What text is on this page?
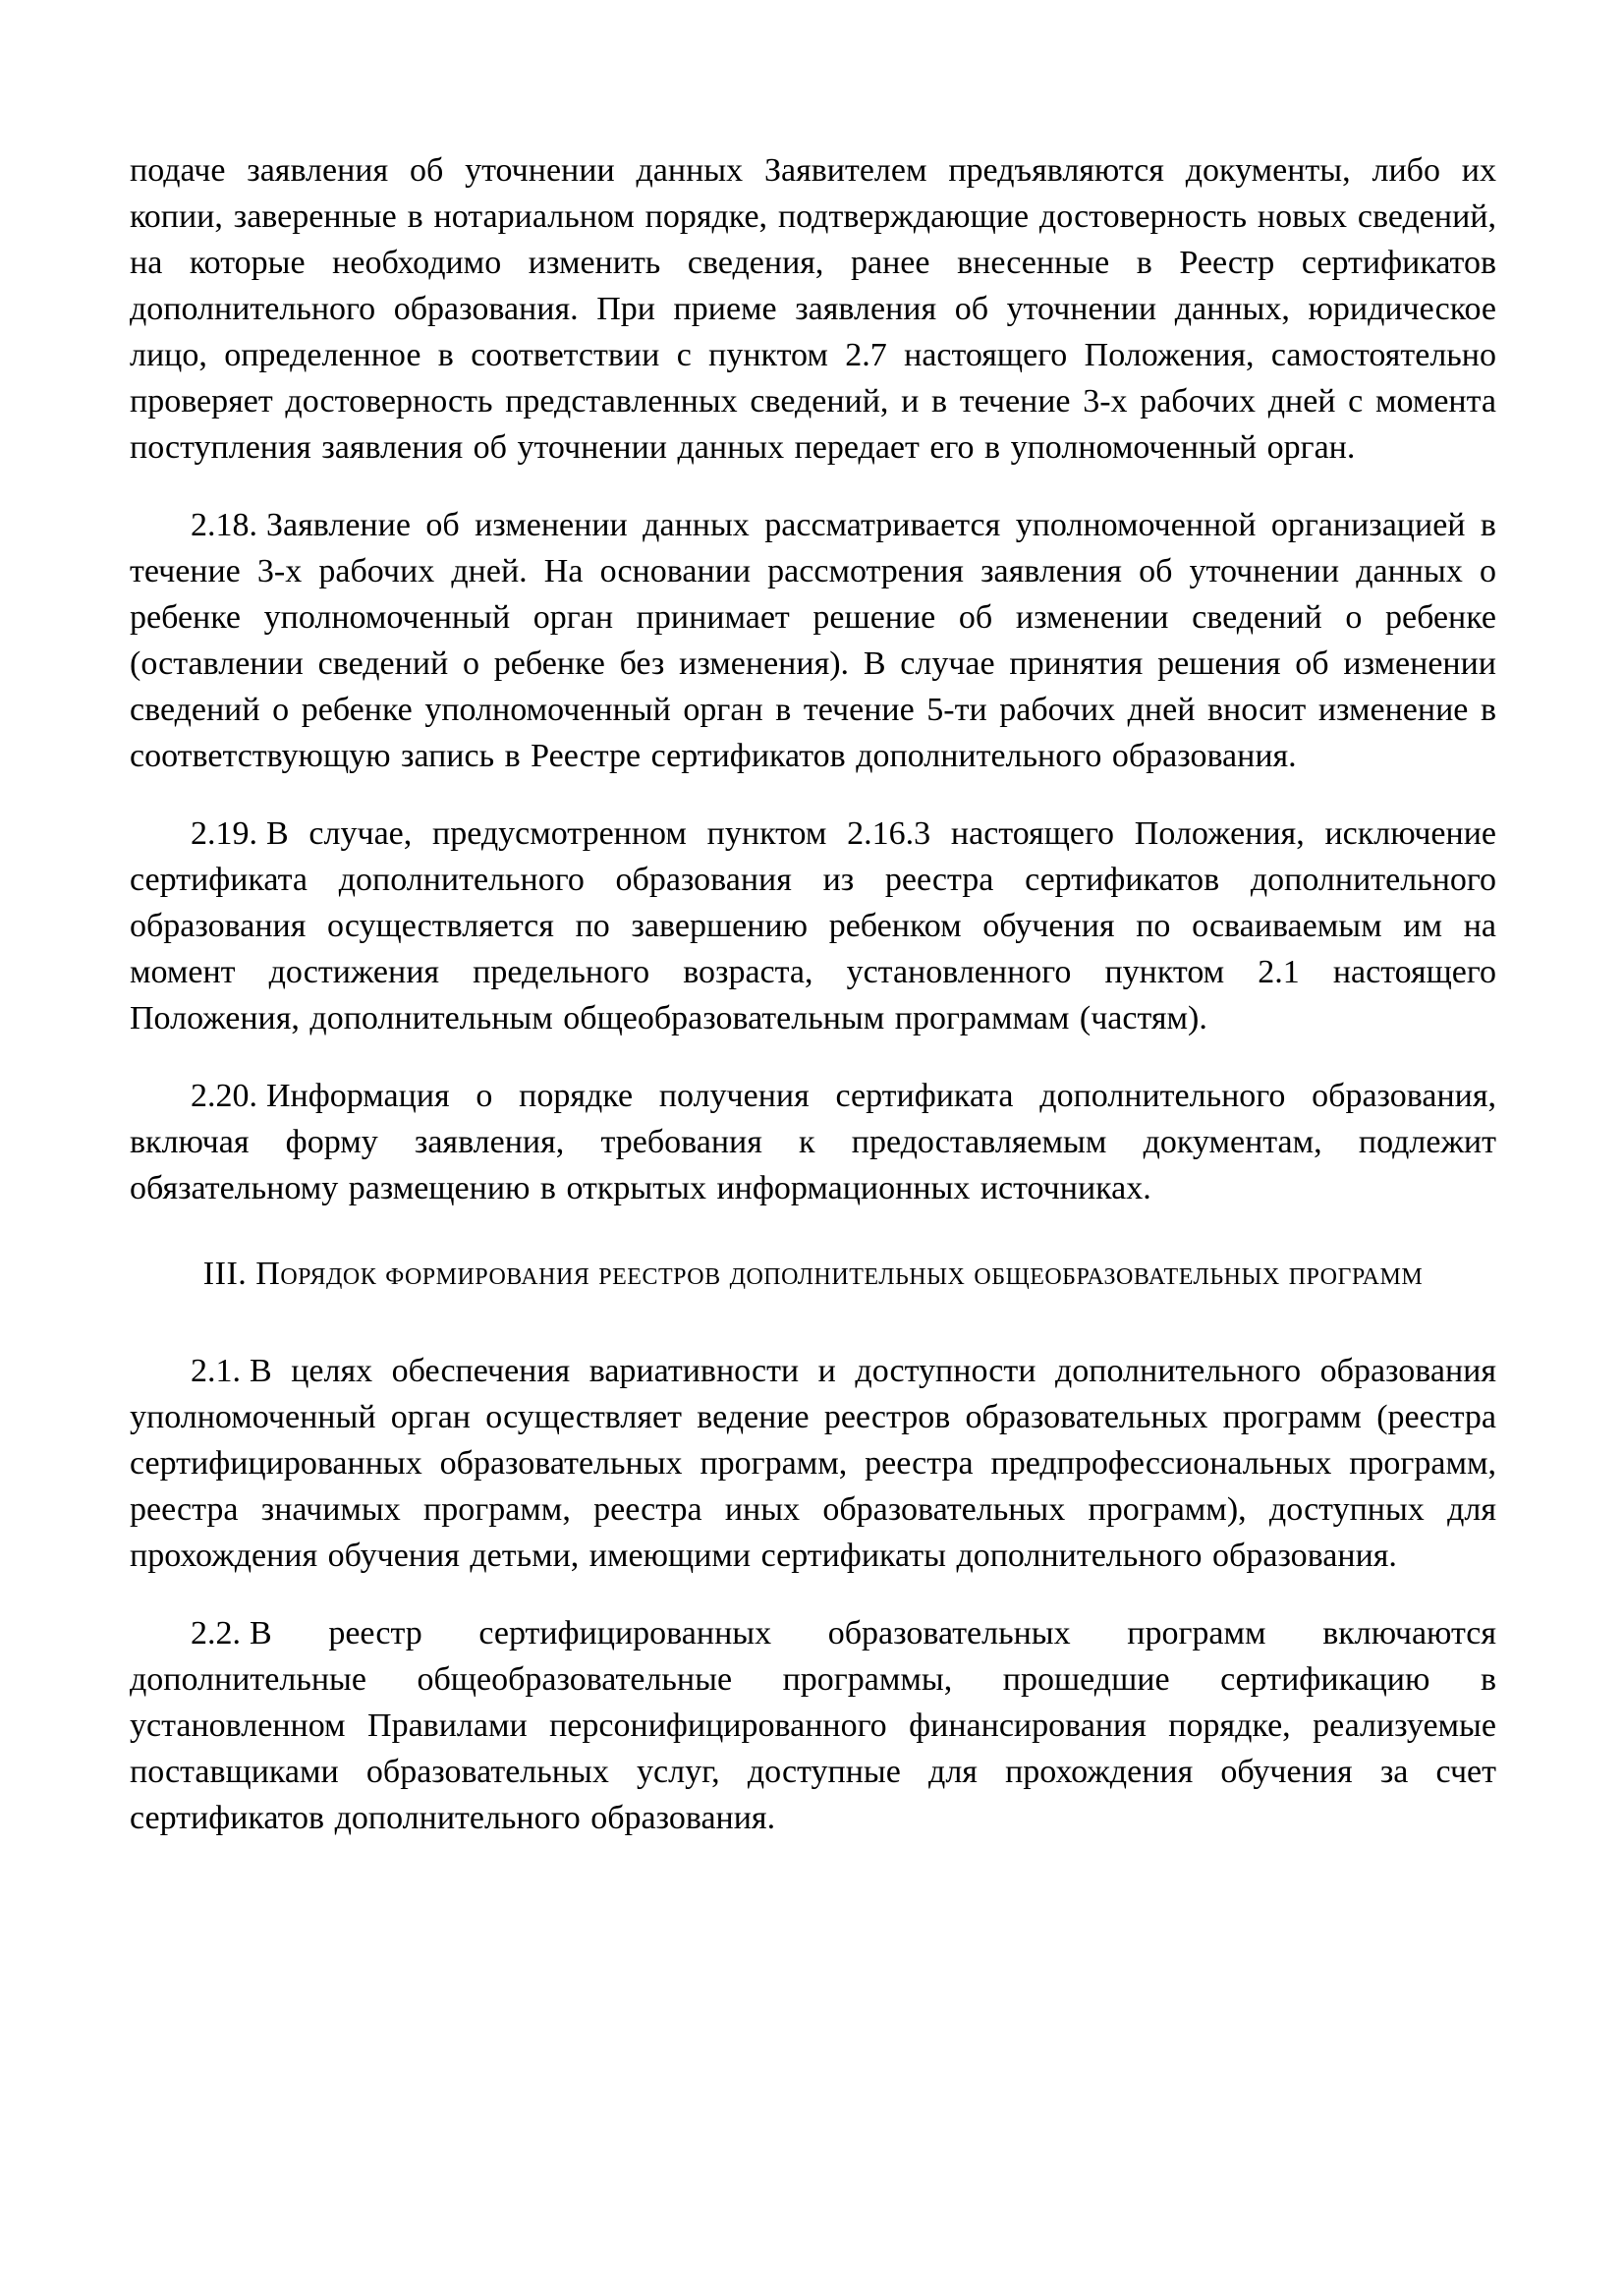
подаче заявления об уточнении данных Заявителем предъявляются документы, либо их копии, заверенные в нотариальном порядке, подтверждающие достоверность новых сведений, на которые необходимо изменить сведения, ранее внесенные в Реестр сертификатов дополнительного образования. При приеме заявления об уточнении данных, юридическое лицо, определенное в соответствии с пунктом 2.7 настоящего Положения, самостоятельно проверяет достоверность представленных сведений, и в течение 3-х рабочих дней с момента поступления заявления об уточнении данных передает его в уполномоченный орган.

2.18. Заявление об изменении данных рассматривается уполномоченной организацией в течение 3-х рабочих дней. На основании рассмотрения заявления об уточнении данных о ребенке уполномоченный орган принимает решение об изменении сведений о ребенке (оставлении сведений о ребенке без изменения). В случае принятия решения об изменении сведений о ребенке уполномоченный орган в течение 5-ти рабочих дней вносит изменение в соответствующую запись в Реестре сертификатов дополнительного образования.

2.19. В случае, предусмотренном пунктом 2.16.3 настоящего Положения, исключение сертификата дополнительного образования из реестра сертификатов дополнительного образования осуществляется по завершению ребенком обучения по осваиваемым им на момент достижения предельного возраста, установленного пунктом 2.1 настоящего Положения, дополнительным общеобразовательным программам (частям).

2.20. Информация о порядке получения сертификата дополнительного образования, включая форму заявления, требования к предоставляемым документам, подлежит обязательному размещению в открытых информационных источниках.

III. Порядок формирования реестров дополнительных общеобразовательных программ

2.1. В целях обеспечения вариативности и доступности дополнительного образования уполномоченный орган осуществляет ведение реестров образовательных программ (реестра сертифицированных образовательных программ, реестра предпрофессиональных программ, реестра значимых программ, реестра иных образовательных программ), доступных для прохождения обучения детьми, имеющими сертификаты дополнительного образования.

2.2. В реестр сертифицированных образовательных программ включаются дополнительные общеобразовательные программы, прошедшие сертификацию в установленном Правилами персонифицированного финансирования порядке, реализуемые поставщиками образовательных услуг, доступные для прохождения обучения за счет сертификатов дополнительного образования.
